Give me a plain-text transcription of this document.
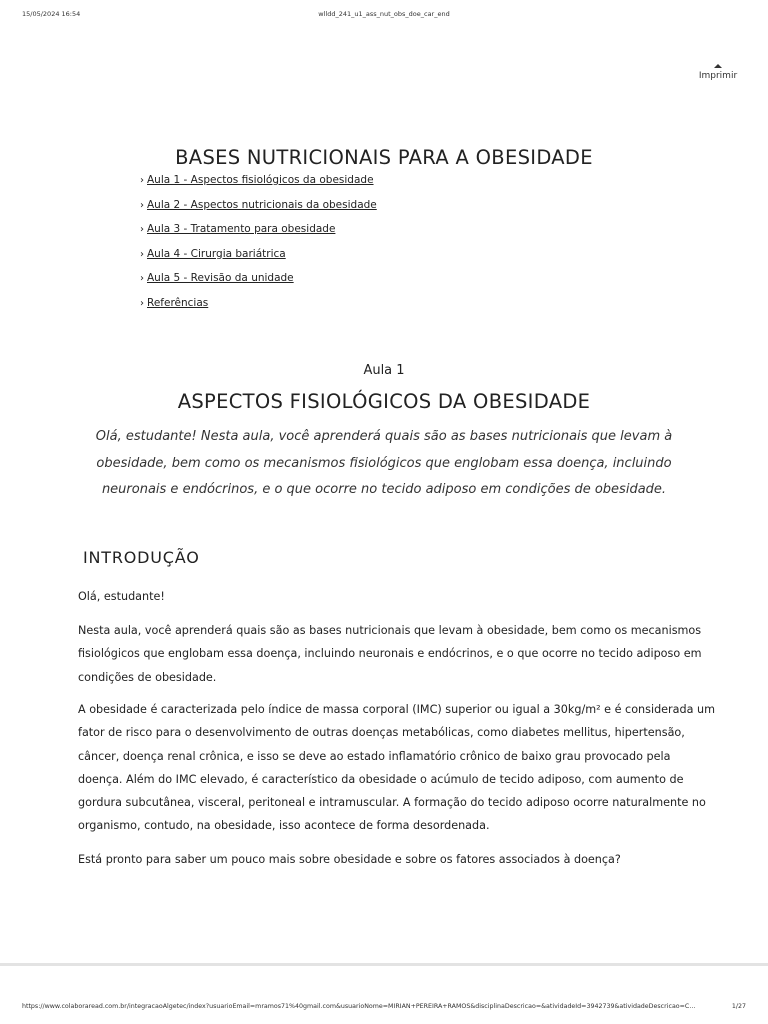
15/05/2024 16:54	wlldd_241_u1_ass_nut_obs_doe_car_end
Imprimir
BASES NUTRICIONAIS PARA A OBESIDADE
› Aula 1 - Aspectos fisiológicos da obesidade
› Aula 2 - Aspectos nutricionais da obesidade
› Aula 3 - Tratamento para obesidade
› Aula 4 - Cirurgia bariátrica
› Aula 5 - Revisão da unidade
› Referências
Aula 1
ASPECTOS FISIOLÓGICOS DA OBESIDADE

Olá, estudante! Nesta aula, você aprenderá quais são as bases nutricionais que levam à obesidade, bem como os mecanismos fisiológicos que englobam essa doença, incluindo neuronais e endócrinos, e o que ocorre no tecido adiposo em condições de obesidade.

INTRODUÇÃO

Olá, estudante!

Nesta aula, você aprenderá quais são as bases nutricionais que levam à obesidade, bem como os mecanismos fisiológicos que englobam essa doença, incluindo neuronais e endócrinos, e o que ocorre no tecido adiposo em condições de obesidade.

A obesidade é caracterizada pelo índice de massa corporal (IMC) superior ou igual a 30kg/m² e é considerada um fator de risco para o desenvolvimento de outras doenças metabólicas, como diabetes mellitus, hipertensão, câncer, doença renal crônica, e isso se deve ao estado inflamatório crônico de baixo grau provocado pela doença. Além do IMC elevado, é característico da obesidade o acúmulo de tecido adiposo, com aumento de gordura subcutânea, visceral, peritoneal e intramuscular. A formação do tecido adiposo ocorre naturalmente no organismo, contudo, na obesidade, isso acontece de forma desordenada.

Está pronto para saber um pouco mais sobre obesidade e sobre os fatores associados à doença?

https://www.colaboraread.com.br/integracaoAlgetec/index?usuarioEmail=mramos71%40gmail.com&usuarioNome=MIRIAN+PEREIRA+RAMOS&disciplinaDescricao=&atividadeId=3942739&atividadeDescricao=C…	1/27
